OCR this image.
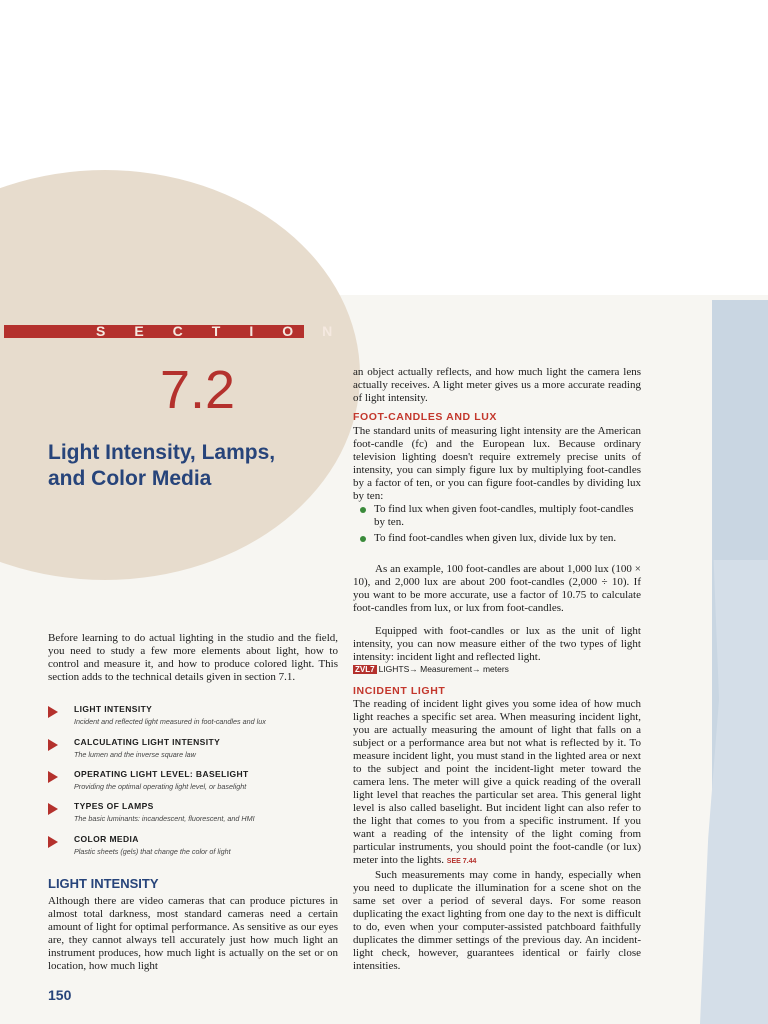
SECTION
7.2
Light Intensity, Lamps, and Color Media
Before learning to do actual lighting in the studio and the field, you need to study a few more elements about light, how to control and measure it, and how to produce colored light. This section adds to the technical details given in section 7.1.
LIGHT INTENSITY
Incident and reflected light measured in foot-candles and lux
CALCULATING LIGHT INTENSITY
The lumen and the inverse square law
OPERATING LIGHT LEVEL: BASELIGHT
Providing the optimal operating light level, or baselight
TYPES OF LAMPS
The basic luminants: incandescent, fluorescent, and HMI
COLOR MEDIA
Plastic sheets (gels) that change the color of light
LIGHT INTENSITY
Although there are video cameras that can produce pictures in almost total darkness, most standard cameras need a certain amount of light for optimal performance. As sensitive as our eyes are, they cannot always tell accurately just how much light an instrument produces, how much light is actually on the set or on location, how much light
150
an object actually reflects, and how much light the camera lens actually receives. A light meter gives us a more accurate reading of light intensity.
FOOT-CANDLES AND LUX
The standard units of measuring light intensity are the American foot-candle (fc) and the European lux. Because ordinary television lighting doesn't require extremely precise units of intensity, you can simply figure lux by multiplying foot-candles by a factor of ten, or you can figure foot-candles by dividing lux by ten:
To find lux when given foot-candles, multiply foot-candles by ten.
To find foot-candles when given lux, divide lux by ten.
As an example, 100 foot-candles are about 1,000 lux (100 × 10), and 2,000 lux are about 200 foot-candles (2,000 ÷ 10). If you want to be more accurate, use a factor of 10.75 to calculate foot-candles from lux, or lux from foot-candles.
Equipped with foot-candles or lux as the unit of light intensity, you can now measure either of the two types of light intensity: incident light and reflected light.
ZVL7 LIGHTS→ Measurement→ meters
INCIDENT LIGHT
The reading of incident light gives you some idea of how much light reaches a specific set area. When measuring incident light, you are actually measuring the amount of light that falls on a subject or a performance area but not what is reflected by it. To measure incident light, you must stand in the lighted area or next to the subject and point the incident-light meter toward the camera lens. The meter will give a quick reading of the overall light level that reaches the particular set area. This general light level is also called baselight. But incident light can also refer to the light that comes to you from a specific instrument. If you want a reading of the intensity of the light coming from particular instruments, you should point the foot-candle (or lux) meter into the lights. SEE 7.44
Such measurements may come in handy, especially when you need to duplicate the illumination for a scene shot on the same set over a period of several days. For some reason duplicating the exact lighting from one day to the next is difficult to do, even when your computer-assisted patchboard faithfully duplicates the dimmer settings of the previous day. An incident-light check, however, guarantees identical or fairly close intensities.
